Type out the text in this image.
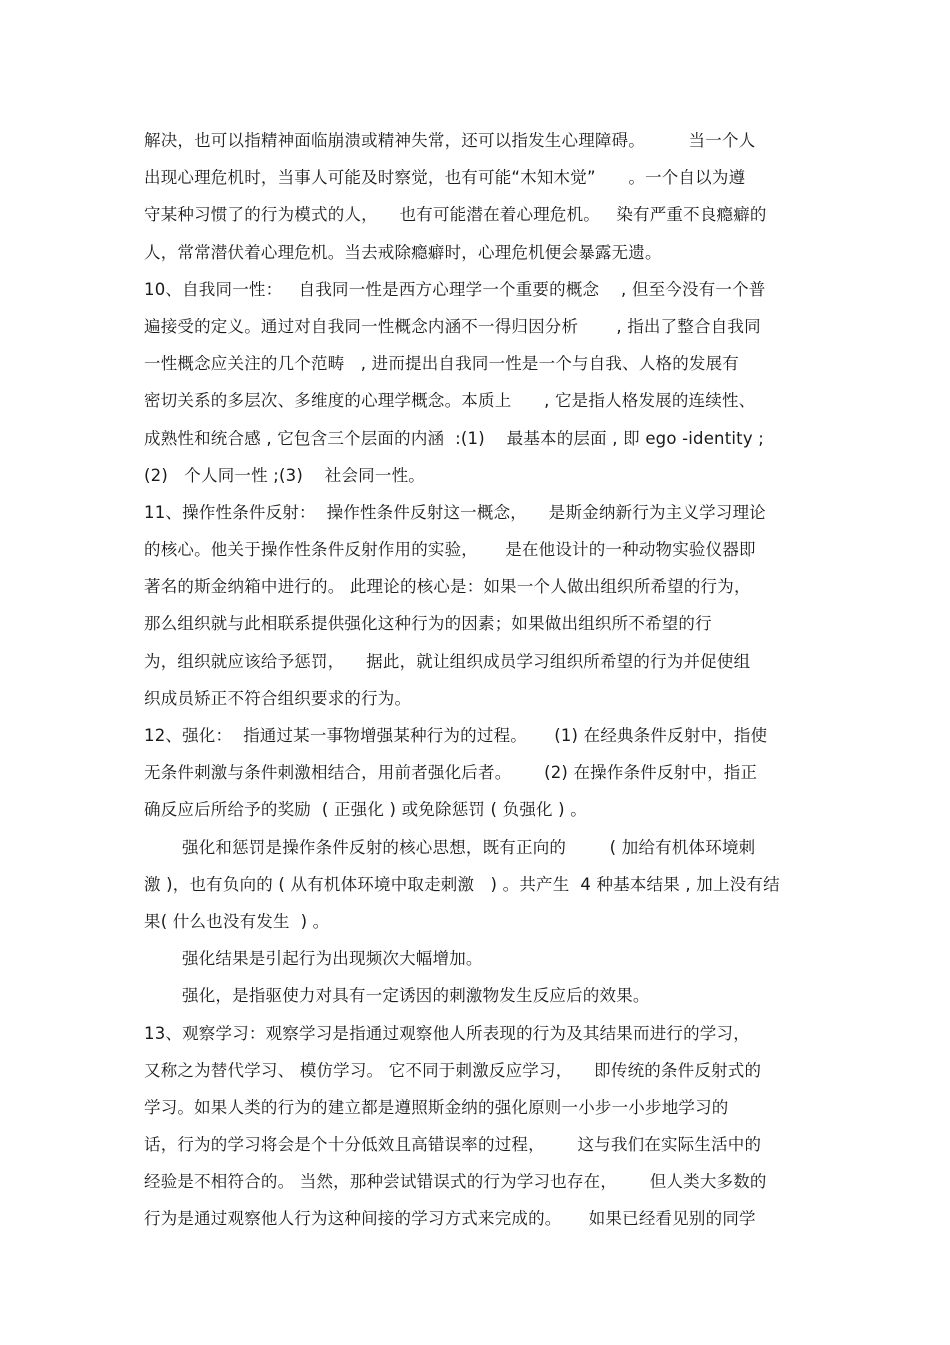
解决，也可以指精神面临崩溃或精神失常，还可以指发生心理障碍。        当一个人
出现心理危机时，当事人可能及时察觉，也有可能“木知木觉”      。一个自以为遵
守某种习惯了的行为模式的人，    也有可能潜在着心理危机。   染有严重不良瘾癖的
人，常常潜伏着心理危机。当去戒除瘾癖时，心理危机便会暴露无遗。
10、自我同一性：   自我同一性是西方心理学一个重要的概念    , 但至今没有一个普
遍接受的定义。通过对自我同一性概念内涵不一得归因分析       , 指出了整合自我同
一性概念应关注的几个范畴   , 进而提出自我同一性是一个与自我、人格的发展有
密切关系的多层次、多维度的心理学概念。本质上      , 它是指人格发展的连续性、
成熟性和统合感 , 它包含三个层面的内涵  :(1)    最基本的层面 , 即 ego -identity ;
(2)   个人同一性 ;(3)    社会同一性。
11、操作性条件反射：  操作性条件反射这一概念，    是斯金纳新行为主义学习理论
的核心。他关于操作性条件反射作用的实验，     是在他设计的一种动物实验仪器即
著名的斯金纳箱中进行的。 此理论的核心是：如果一个人做出组织所希望的行为，
那么组织就与此相联系提供强化这种行为的因素；如果做出组织所不希望的行
为，组织就应该给予惩罚，    据此，就让组织成员学习组织所希望的行为并促使组
织成员矫正不符合组织要求的行为。
12、强化：  指通过某一事物增强某种行为的过程。     (1) 在经典条件反射中，指使
无条件刺激与条件刺激相结合，用前者强化后者。      (2) 在操作条件反射中，指正
确反应后所给予的奖励  ( 正强化 ) 或免除惩罚 ( 负强化 ) 。
强化和惩罚是操作条件反射的核心思想，既有正向的        ( 加给有机体环境刺
激 )，也有负向的 ( 从有机体环境中取走刺激   ) 。共产生  4 种基本结果 , 加上没有结
果( 什么也没有发生  ) 。
强化结果是引起行为出现频次大幅增加。
强化，是指驱使力对具有一定诱因的刺激物发生反应后的效果。
13、观察学习：观察学习是指通过观察他人所表现的行为及其结果而进行的学习，
又称之为替代学习、 模仿学习。 它不同于刺激反应学习，    即传统的条件反射式的
学习。如果人类的行为的建立都是遵照斯金纳的强化原则一小步一小步地学习的
话，行为的学习将会是个十分低效且高错误率的过程，      这与我们在实际生活中的
经验是不相符合的。 当然，那种尝试错误式的行为学习也存在，      但人类大多数的
行为是通过观察他人行为这种间接的学习方式来完成的。     如果已经看见别的同学
